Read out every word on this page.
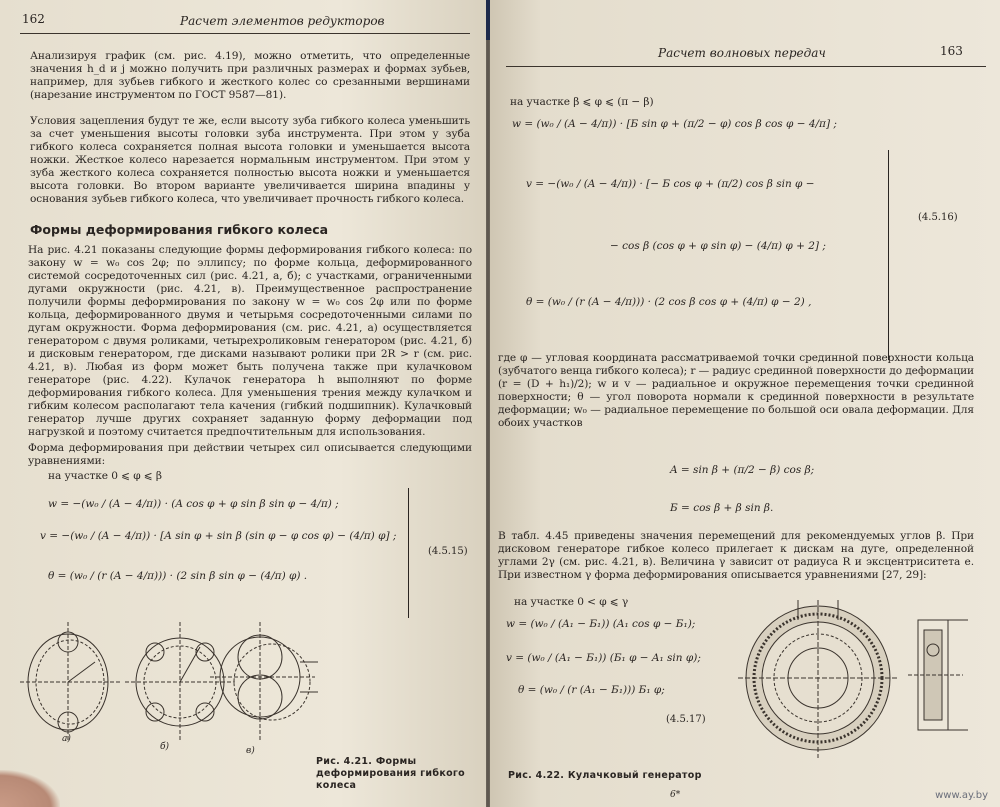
162	Расчет элементов редукторов
Анализируя график (см. рис. 4.19), можно отметить, что определенные значения h_d и j можно получить при различных размерах и формах зубьев, например, для зубьев гибкого и жесткого колес со срезанными вершинами (нарезание инструментом по ГОСТ 9587—81).
Условия зацепления будут те же, если высоту зуба гибкого колеса уменьшить за счет уменьшения высоты головки зуба инструмента. При этом у зуба гибкого колеса сохраняется полная высота головки и уменьшается высота ножки. Жесткое колесо нарезается нормальным инструментом. При этом у зуба жесткого колеса сохраняется полностью высота ножки и уменьшается высота головки. Во втором варианте увеличивается ширина впадины у основания зубьев гибкого колеса, что увеличивает прочность гибкого колеса.
Формы деформирования гибкого колеса
На рис. 4.21 показаны следующие формы деформирования гибкого колеса: по закону w = w₀ cos 2φ; по эллипсу; по форме кольца, деформированного системой сосредоточенных сил (рис. 4.21, а, б); с участками, ограниченными дугами окружности (рис. 4.21, в). Преимущественное распространение получили формы деформирования по закону w = w₀ cos 2φ или по форме кольца, деформированного двумя и четырьмя сосредоточенными силами по дугам окружности. Форма деформирования (см. рис. 4.21, а) осуществляется генератором с двумя роликами, четырехроликовым генератором (рис. 4.21, б) и дисковым генератором, где дисками называют ролики при 2R > r (см. рис. 4.21, в). Любая из форм может быть получена также при кулачковом генераторе (рис. 4.22). Кулачок генератора h выполняют по форме деформирования гибкого колеса. Для уменьшения трения между кулачком и гибким колесом располагают тела качения (гибкий подшипник). Кулачковый генератор лучше других сохраняет заданную форму деформации под нагрузкой и поэтому считается предпочтительным для использования.
Форма деформирования при действии четырех сил описывается следующими уравнениями:
на участке 0 ⩽ φ ⩽ β
w = −(w₀ / (A − 4/π)) · (A cos φ + φ sin β sin φ − 4/π) ;
v = −(w₀ / (A − 4/π)) · [A sin φ + sin β (sin φ − φ cos φ) − (4/π) φ] ;
θ = (w₀ / (r (A − 4/π))) · (2 sin β sin φ − (4/π) φ) .
(4.5.15)
а)
б)	в)
Рис. 4.21. Формы деформирования гибкого колеса
Расчет волновых передач	163
на участке β ⩽ φ ⩽ (π − β)
w = (w₀ / (A − 4/π)) · [Б sin φ + (π/2 − φ) cos β cos φ − 4/π] ;
v = −(w₀ / (A − 4/π)) · [− Б cos φ + (π/2) cos β sin φ −
− cos β (cos φ + φ sin φ) − (4/π) φ + 2] ;
θ = (w₀ / (r (A − 4/π))) · (2 cos β cos φ + (4/π) φ − 2) ,
(4.5.16)
где φ — угловая координата рассматриваемой точки срединной поверхности кольца (зубчатого венца гибкого колеса); r — радиус срединной поверхности до деформации (r = (D + h₁)/2); w и v — радиальное и окружное перемещения точки срединной поверхности; θ — угол поворота нормали к срединной поверхности в результате деформации; w₀ — радиальное перемещение по большой оси овала деформации. Для обоих участков
A = sin β + (π/2 − β) cos β;
Б = cos β + β sin β.
В табл. 4.45 приведены значения перемещений для рекомендуемых углов β. При дисковом генераторе гибкое колесо прилегает к дискам на дуге, определенной углами 2γ (см. рис. 4.21, в). Величина γ зависит от радиуса R и эксцентриситета e. При известном γ форма деформирования описывается уравнениями [27, 29]:
на участке 0 < φ ⩽ γ
w = (w₀ / (A₁ − Б₁)) (A₁ cos φ − Б₁);
v = (w₀ / (A₁ − Б₁)) (Б₁ φ − A₁ sin φ);
θ = (w₀ / (r (A₁ − Б₁))) Б₁ φ;
(4.5.17)
Рис. 4.22. Кулачковый генератор
6*	www.ay.by
